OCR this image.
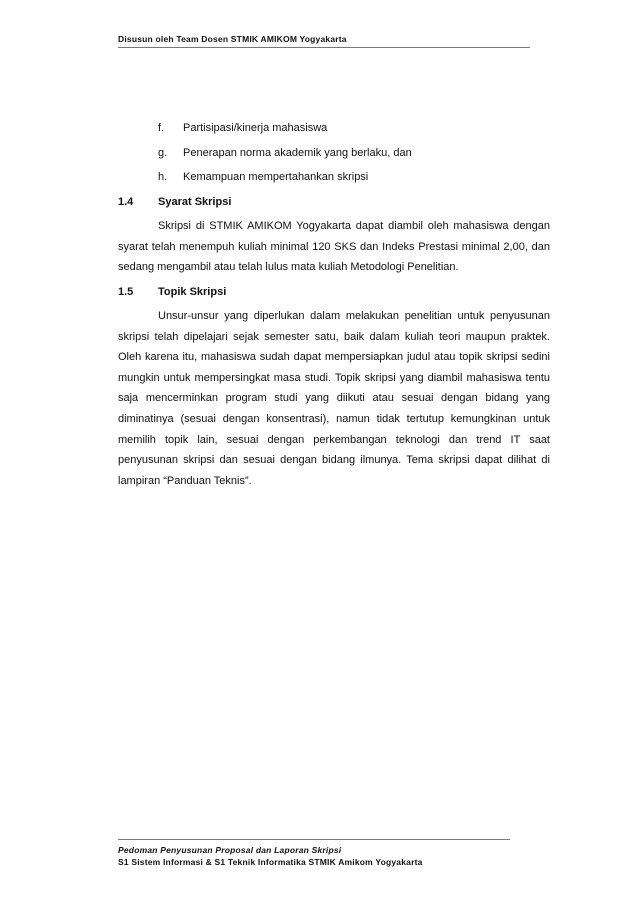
Disusun oleh Team Dosen STMIK AMIKOM Yogyakarta
f. Partisipasi/kinerja mahasiswa
g. Penerapan norma akademik yang berlaku, dan
h. Kemampuan mempertahankan skripsi
1.4 Syarat Skripsi

Skripsi di STMIK AMIKOM Yogyakarta dapat diambil oleh mahasiswa dengan syarat telah menempuh kuliah minimal 120 SKS dan Indeks Prestasi minimal 2,00, dan sedang mengambil atau telah lulus mata kuliah Metodologi Penelitian.

1.5 Topik Skripsi

Unsur-unsur yang diperlukan dalam melakukan penelitian untuk penyusunan skripsi telah dipelajari sejak semester satu, baik dalam kuliah teori maupun praktek. Oleh karena itu, mahasiswa sudah dapat mempersiapkan judul atau topik skripsi sedini mungkin untuk mempersingkat masa studi. Topik skripsi yang diambil mahasiswa tentu saja mencerminkan program studi yang diikuti atau sesuai dengan bidang yang diminatinya (sesuai dengan konsentrasi), namun tidak tertutup kemungkinan untuk memilih topik lain, sesuai dengan perkembangan teknologi dan trend IT saat penyusunan skripsi dan sesuai dengan bidang ilmunya. Tema skripsi dapat dilihat di lampiran “Panduan Teknis”.

Pedoman Penyusunan Proposal dan Laporan Skripsi
S1 Sistem Informasi & S1 Teknik Informatika STMIK Amikom Yogyakarta
